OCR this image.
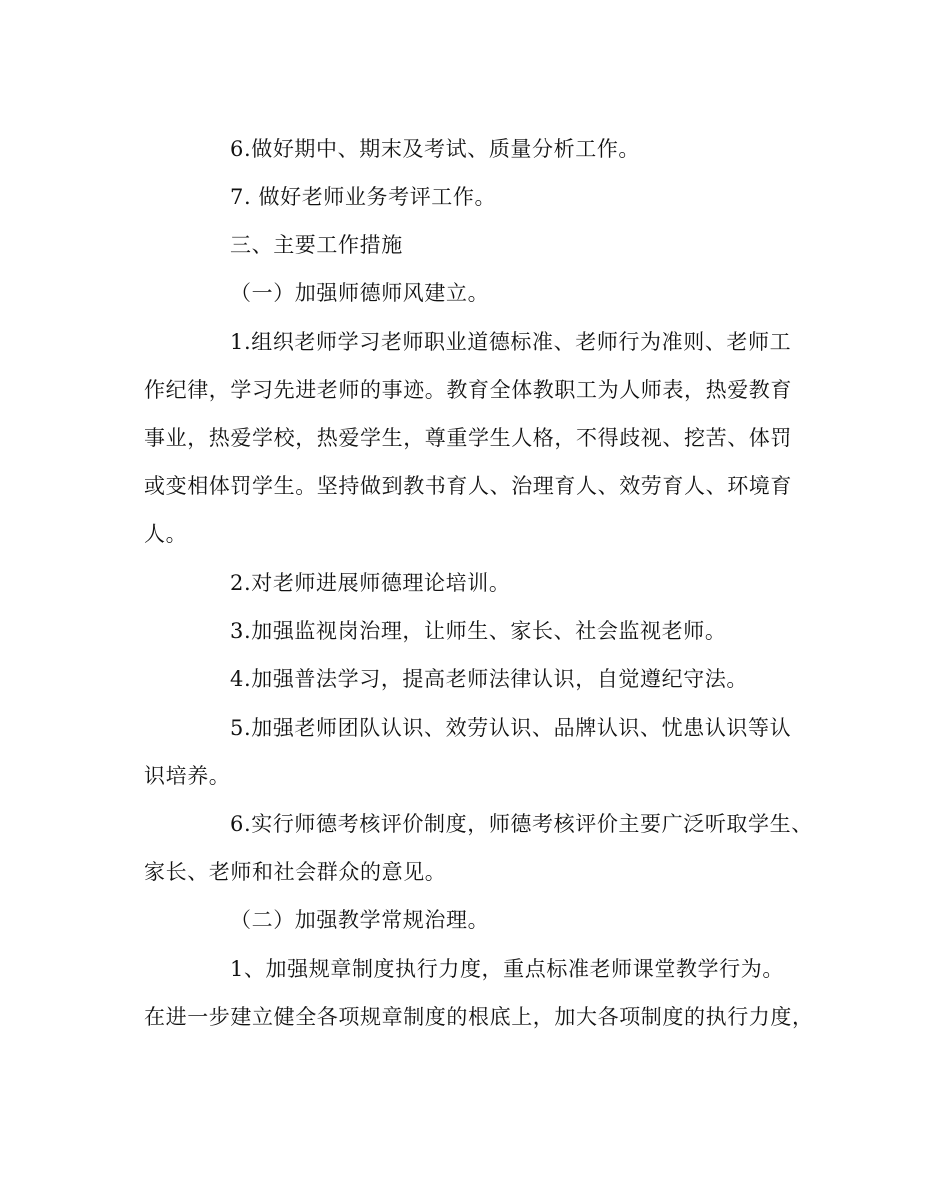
6.做好期中、期末及考试、质量分析工作。
7. 做好老师业务考评工作。
三、主要工作措施
（一）加强师德师风建立。
1.组织老师学习老师职业道德标准、老师行为准则、老师工
作纪律，学习先进老师的事迹。教育全体教职工为人师表，热爱教育
事业，热爱学校，热爱学生，尊重学生人格，不得歧视、挖苦、体罚
或变相体罚学生。坚持做到教书育人、治理育人、效劳育人、环境育
人。
2.对老师进展师德理论培训。
3.加强监视岗治理，让师生、家长、社会监视老师。
4.加强普法学习，提高老师法律认识，自觉遵纪守法。
5.加强老师团队认识、效劳认识、品牌认识、忧患认识等认
识培养。
6.实行师德考核评价制度，师德考核评价主要广泛听取学生、
家长、老师和社会群众的意见。
（二）加强教学常规治理。
1、加强规章制度执行力度，重点标准老师课堂教学行为。
在进一步建立健全各项规章制度的根底上，加大各项制度的执行力度，
